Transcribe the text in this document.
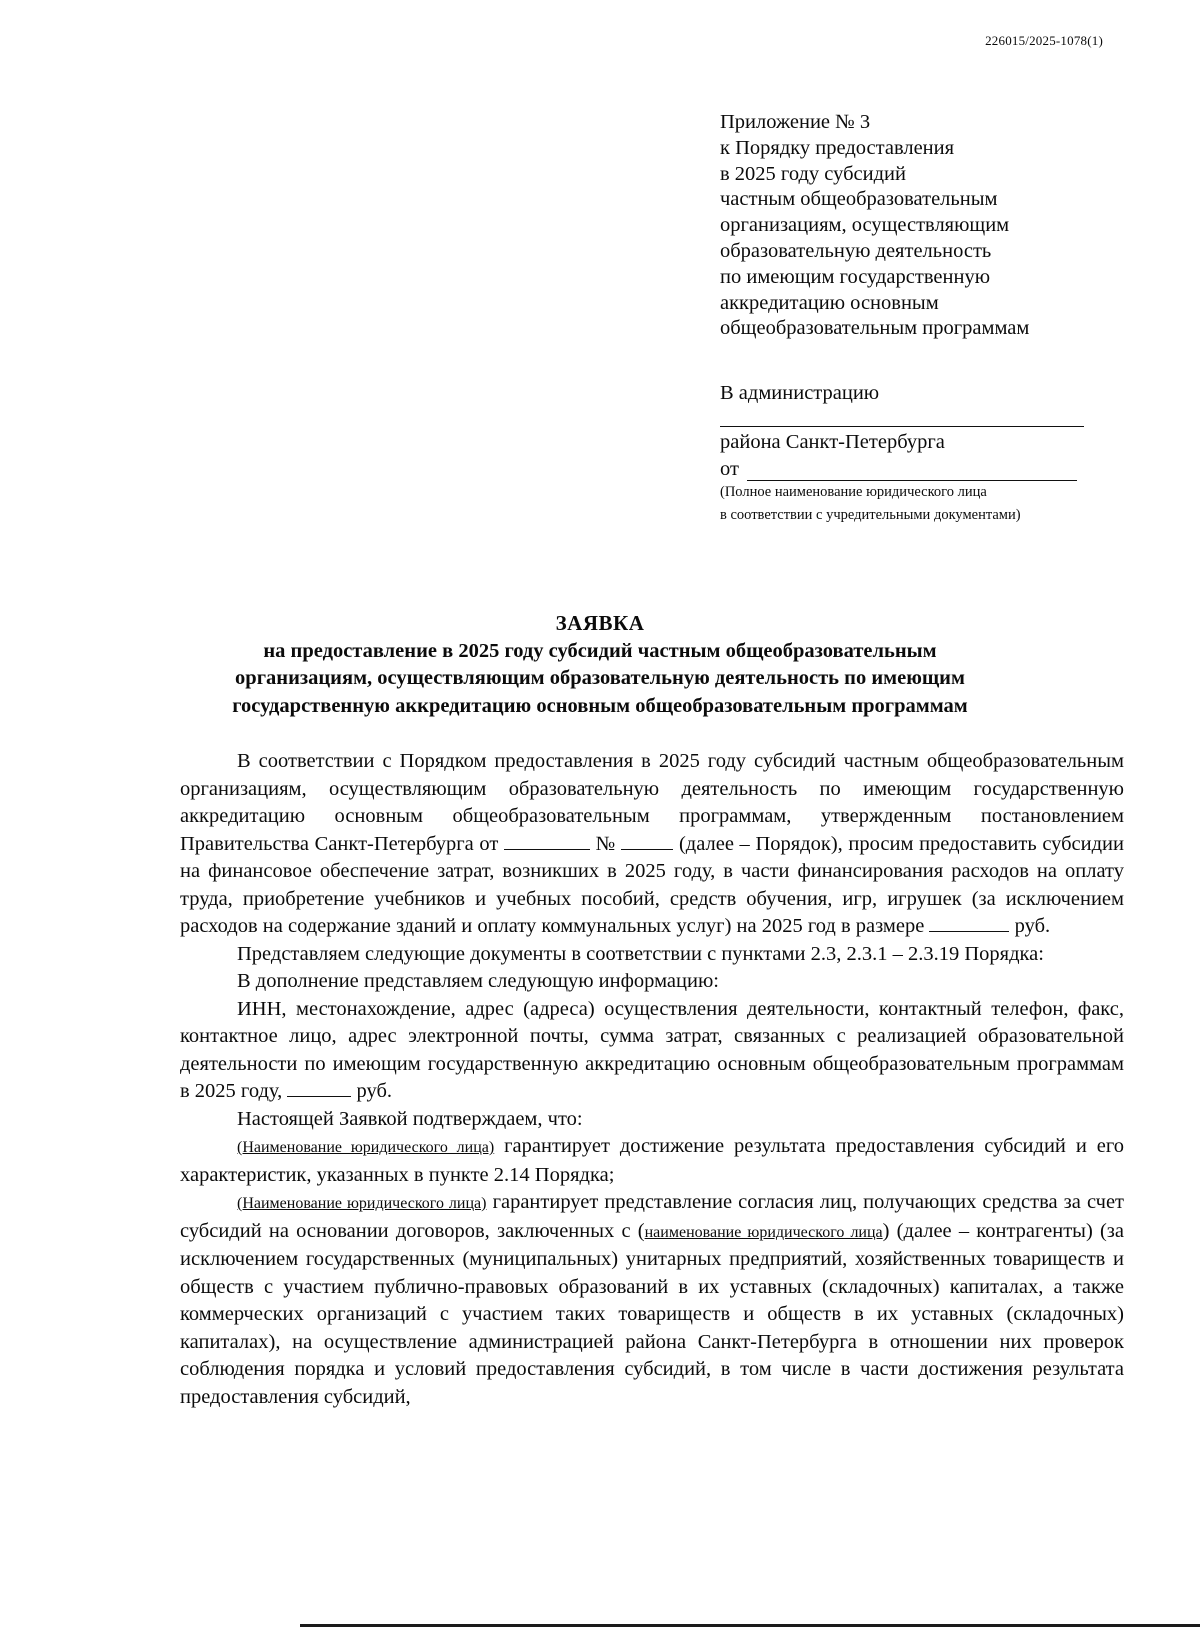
226015/2025-1078(1)
Приложение № 3
к Порядку предоставления
в 2025 году субсидий
частным общеобразовательным
организациям, осуществляющим
образовательную деятельность
по имеющим государственную
аккредитацию основным
общеобразовательным программам
В администрацию
района Санкт-Петербурга
от
(Полное наименование юридического лица
в соответствии с учредительными документами)
ЗАЯВКА
на предоставление в 2025 году субсидий частным общеобразовательным
организациям, осуществляющим образовательную деятельность по имеющим
государственную аккредитацию основным общеобразовательным программам

В соответствии с Порядком предоставления в 2025 году субсидий частным общеобразовательным организациям, осуществляющим образовательную деятельность по имеющим государственную аккредитацию основным общеобразовательным программам, утвержденным постановлением Правительства Санкт-Петербурга от	№	(далее – Порядок), просим предоставить субсидии на финансовое обеспечение затрат, возникших в 2025 году, в части финансирования расходов на оплату труда, приобретение учебников и учебных пособий, средств обучения, игр, игрушек (за исключением расходов на содержание зданий и оплату коммунальных услуг) на 2025 год в размере	руб.

Представляем следующие документы в соответствии с пунктами 2.3, 2.3.1 – 2.3.19 Порядка:

В дополнение представляем следующую информацию:

ИНН, местонахождение, адрес (адреса) осуществления деятельности, контактный телефон, факс, контактное лицо, адрес электронной почты, сумма затрат, связанных с реализацией образовательной деятельности по имеющим государственную аккредитацию основным общеобразовательным программам в 2025 году,	руб.

Настоящей Заявкой подтверждаем, что:

(Наименование юридического лица) гарантирует достижение результата предоставления субсидий и его характеристик, указанных в пункте 2.14 Порядка;

(Наименование юридического лица) гарантирует представление согласия лиц, получающих средства за счет субсидий на основании договоров, заключенных с (наименование юридического лица) (далее – контрагенты) (за исключением государственных (муниципальных) унитарных предприятий, хозяйственных товариществ и обществ с участием публично-правовых образований в их уставных (складочных) капиталах, а также коммерческих организаций с участием таких товариществ и обществ в их уставных (складочных) капиталах), на осуществление администрацией района Санкт-Петербурга в отношении них проверок соблюдения порядка и условий предоставления субсидий, в том числе в части достижения результата предоставления субсидий,
